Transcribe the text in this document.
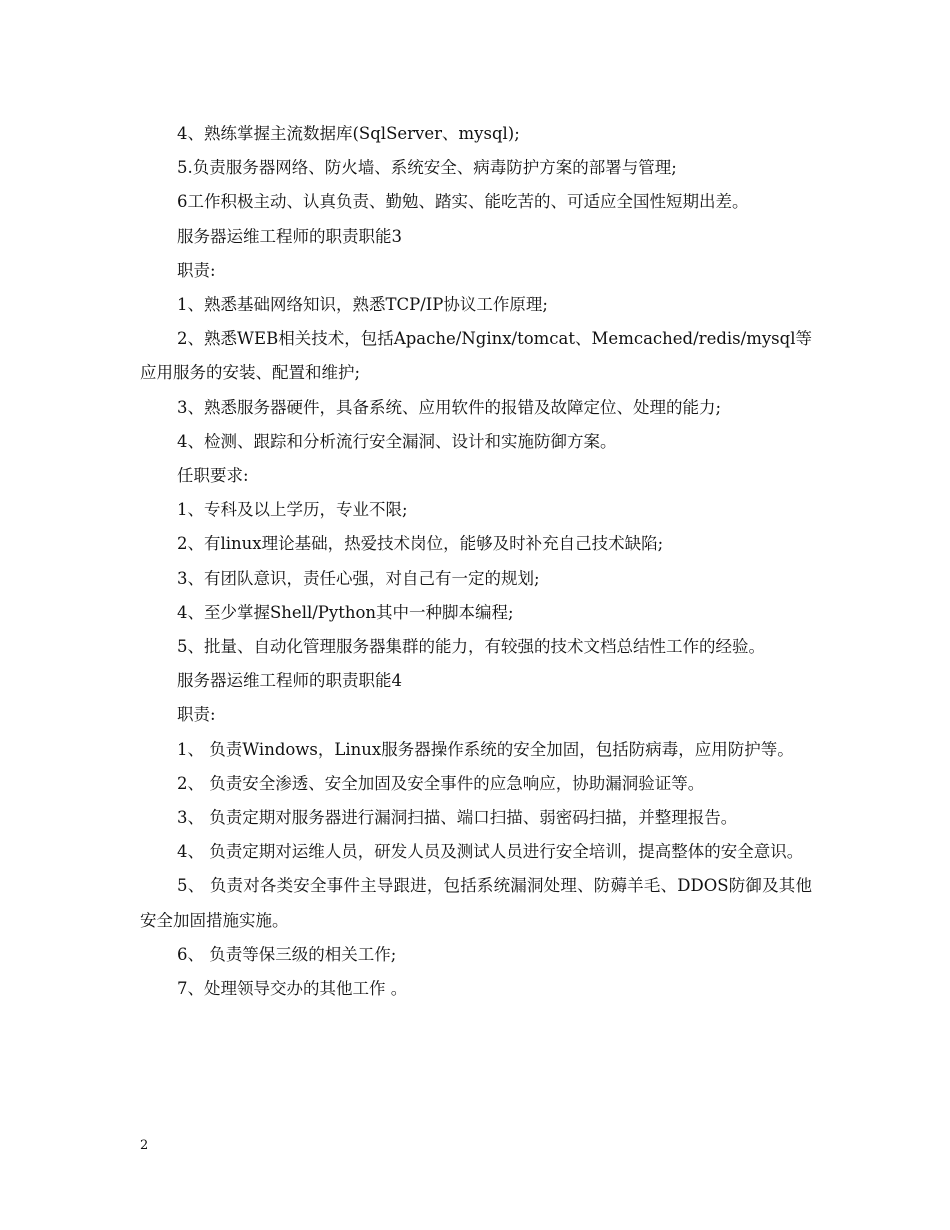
4、熟练掌握主流数据库(SqlServer、mysql);

5.负责服务器网络、防火墙、系统安全、病毒防护方案的部署与管理;

6工作积极主动、认真负责、勤勉、踏实、能吃苦的、可适应全国性短期出差。

服务器运维工程师的职责职能3

职责:

1、熟悉基础网络知识，熟悉TCP/IP协议工作原理;

2、熟悉WEB相关技术，包括Apache/Nginx/tomcat、Memcached/redis/mysql等应用服务的安装、配置和维护;

3、熟悉服务器硬件，具备系统、应用软件的报错及故障定位、处理的能力;

4、检测、跟踪和分析流行安全漏洞、设计和实施防御方案。

任职要求:

1、专科及以上学历，专业不限;

2、有linux理论基础，热爱技术岗位，能够及时补充自己技术缺陷;

3、有团队意识，责任心强，对自己有一定的规划;

4、至少掌握Shell/Python其中一种脚本编程;

5、批量、自动化管理服务器集群的能力，有较强的技术文档总结性工作的经验。

服务器运维工程师的职责职能4

职责:

1、 负责Windows，Linux服务器操作系统的安全加固，包括防病毒，应用防护等。

2、 负责安全渗透、安全加固及安全事件的应急响应，协助漏洞验证等。

3、 负责定期对服务器进行漏洞扫描、端口扫描、弱密码扫描，并整理报告。

4、 负责定期对运维人员，研发人员及测试人员进行安全培训，提高整体的安全意识。

5、 负责对各类安全事件主导跟进，包括系统漏洞处理、防薅羊毛、DDOS防御及其他安全加固措施实施。

6、 负责等保三级的相关工作;

7、处理领导交办的其他工作 。

2
